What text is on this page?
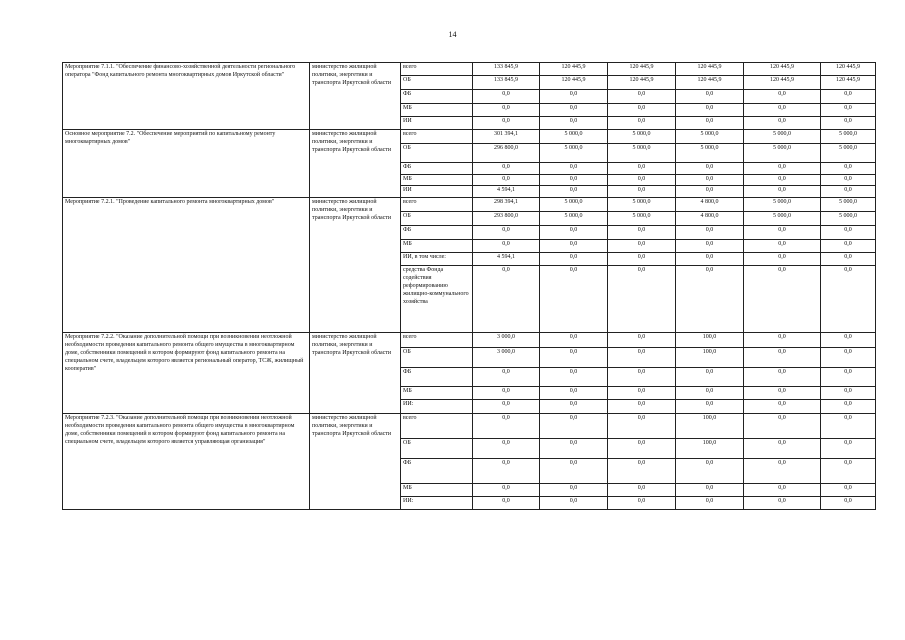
14
Мероприятие 7.1.1. "Обеспечение финансово-хозяйственной деятельности регионального оператора "Фонд капитального ремонта многоквартирных домов Иркутской области"	министерство жилищной политики, энергетики и транспорта Иркутской области	всего	133 845,9	120 445,9	120 445,9	120 445,9	120 445,9	120 445,9
		ОБ	133 845,9	120 445,9	120 445,9	120 445,9	120 445,9	120 445,9
		ФБ	0,0	0,0	0,0	0,0	0,0	0,0
		МБ	0,0	0,0	0,0	0,0	0,0	0,0
		ИИ	0,0	0,0	0,0	0,0	0,0	0,0
Основное мероприятие 7.2. "Обеспечение мероприятий по капитальному ремонту многоквартирных домов"	министерство жилищной политики, энергетики и транспорта Иркутской области	всего	301 394,1	5 000,0	5 000,0	5 000,0	5 000,0	5 000,0
		ОБ	296 800,0	5 000,0	5 000,0	5 000,0	5 000,0	5 000,0
		ФБ	0,0	0,0	0,0	0,0	0,0	0,0
		МБ	0,0	0,0	0,0	0,0	0,0	0,0
		ИИ	4 594,1	0,0	0,0	0,0	0,0	0,0
Мероприятие 7.2.1. "Проведение капитального ремонта многоквартирных домов"	министерство жилищной политики, энергетики и транспорта Иркутской области	всего	298 394,1	5 000,0	5 000,0	4 800,0	5 000,0	5 000,0
		ОБ	293 800,0	5 000,0	5 000,0	4 800,0	5 000,0	5 000,0
		ФБ	0,0	0,0	0,0	0,0	0,0	0,0
		МБ	0,0	0,0	0,0	0,0	0,0	0,0
		ИИ, в том числе:	4 594,1	0,0	0,0	0,0	0,0	0,0
		средства Фонда содействия реформированию жилищно-коммунального хозяйства	0,0	0,0	0,0	0,0	0,0	0,0
Мероприятие 7.2.2. "Оказание дополнительной помощи при возникновении неотложной необходимости проведения капитального ремонта общего имущества в многоквартирном доме, собственники помещений в котором формируют фонд капитального ремонта на специальном счете, владельцем которого является региональный оператор, ТСЖ, жилищный кооператив"	министерство жилищной политики, энергетики и транспорта Иркутской области	всего	3 000,0	0,0	0,0	100,0	0,0	0,0
		ОБ	3 000,0	0,0	0,0	100,0	0,0	0,0
		ФБ	0,0	0,0	0,0	0,0	0,0	0,0
		МБ	0,0	0,0	0,0	0,0	0,0	0,0
		ИИ:	0,0	0,0	0,0	0,0	0,0	0,0
Мероприятие 7.2.3. "Оказание дополнительной помощи при возникновении неотложной необходимости проведения капитального ремонта общего имущества в многоквартирном доме, собственники помещений в котором формируют фонд капитального ремонта на специальном счете, владельцем которого является управляющая организация"	министерство жилищной политики, энергетики и транспорта Иркутской области	всего	0,0	0,0	0,0	100,0	0,0	0,0
		ОБ	0,0	0,0	0,0	100,0	0,0	0,0
		ФБ	0,0	0,0	0,0	0,0	0,0	0,0
		МБ	0,0	0,0	0,0	0,0	0,0	0,0
		ИИ:	0,0	0,0	0,0	0,0	0,0	0,0
